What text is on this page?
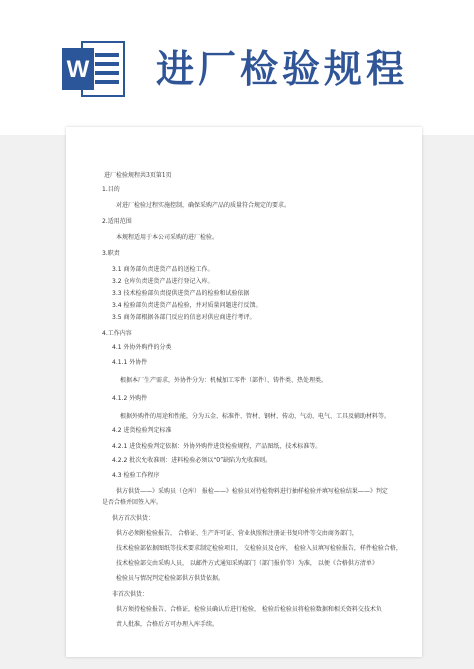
W 进厂检验规程
进厂检验规程共3页第1页
1.目的
对进厂检验过程实施控制，确保采购产品的质量符合规定的要求。
2.适用范围
本规程适用于本公司采购的进厂检验。
3.职责
3.1 商务部负责进货产品的送检工作。
3.2 仓库负责进货产品进行登记入库。
3.3 技术检验部负责提供进货产品的检验和试验依据
3.4 检验部负责进货产品检验，并对质量问题进行反馈。
3.5 商务部根据各部门反应的信息对供应商进行考评。
4.工作内容
4.1 外协外购件的分类
4.1.1 外协件
根据本厂生产需求，外协件分为：机械加工零件（部件）、铸件类、热处理类。
4.1.2 外购件
根据外购件的用途和性能，分为五金、标准件、管材、钢材、传动、气动、电气、工具及辅助材料等。
4.2 进货检验判定标准
4.2.1 进货检验判定依据：外协外购件进货检验规程，产品图纸，技术标准等。
4.2.2 批次允收准则：进料检验必须以“0”缺陷为允收准则。
4.3 检验工作程序
供方供货——》采购员（仓库） 报检——》检验员对待检物料进行抽样检验并填写检验结果——》判定
是否合格并回签入库。
供方首次供货：
供方必须附检验报告， 合格证、生产许可证、营业执照和注册证书复印件等交由商务部门，
技术检验部依据图纸等技术要求制定检验项目， 交检验员及仓库， 检验入员填写检验报告，样件检验合格，
技术检验部交由采购人员， 以邮件方式通知采购部门（部门报价等）为准， 以便《合格供方清单》
检验员与情况判定检验部供方供货依据。
非首次供货：
供方须持检验报告、合格证，检验员确认后进行检验， 检验后检验员将检验数据和相关资料交技术负
责人批准，合格后方可办理入库手续。
